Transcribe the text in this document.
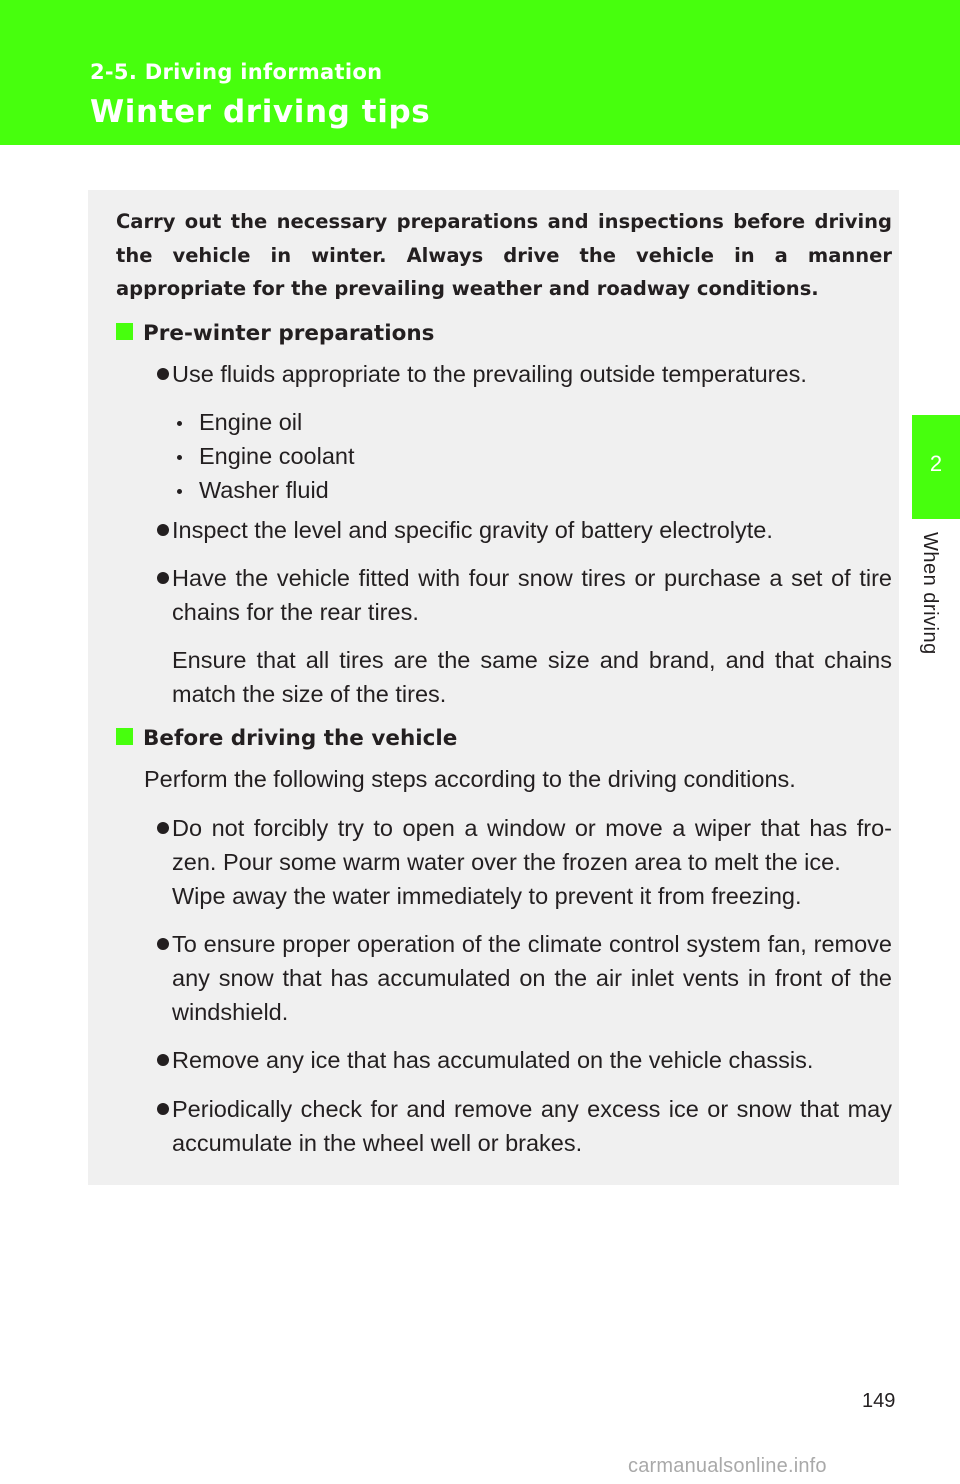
2-5. Driving information
Winter driving tips
2
When driving
Carry out the necessary preparations and inspections before driving the vehicle in winter. Always drive the vehicle in a manner appropriate for the prevailing weather and roadway conditions.
Pre-winter preparations
Use fluids appropriate to the prevailing outside temperatures.
Engine oil
Engine coolant
Washer fluid
Inspect the level and specific gravity of battery electrolyte.
Have the vehicle fitted with four snow tires or purchase a set of tire chains for the rear tires.
Ensure that all tires are the same size and brand, and that chains match the size of the tires.
Before driving the vehicle
Perform the following steps according to the driving conditions.
Do not forcibly try to open a window or move a wiper that has fro- zen. Pour some warm water over the frozen area to melt the ice.
Wipe away the water immediately to prevent it from freezing.
To ensure proper operation of the climate control system fan, remove any snow that has accumulated on the air inlet vents in front of the windshield.
Remove any ice that has accumulated on the vehicle chassis.
Periodically check for and remove any excess ice or snow that may accumulate in the wheel well or brakes.
149
carmanualsonline.info
